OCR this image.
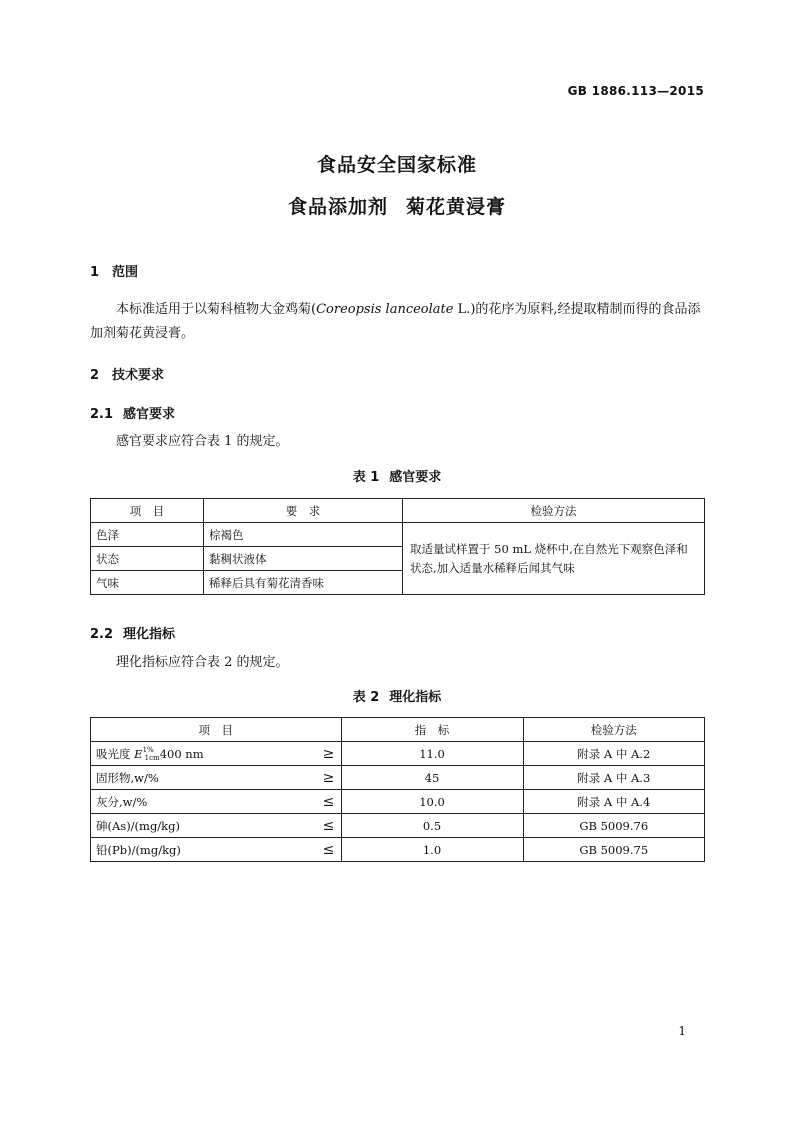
GB 1886.113—2015
食品安全国家标准
食品添加剂 菊花黄浸膏
1 范围
本标准适用于以菊科植物大金鸡菊(Coreopsis lanceolate L.)的花序为原料,经提取精制而得的食品添加剂菊花黄浸膏。
2 技术要求
2.1 感官要求
感官要求应符合表 1 的规定。
表 1 感官要求
项　目	要　求	检验方法
色泽	棕褐色	取适量试样置于 50 mL 烧杯中,在自然光下观察色泽和状态,加入适量水稀释后闻其气味
状态	黏稠状液体	
气味	稀释后具有菊花清香味	
2.2 理化指标
理化指标应符合表 2 的规定。
表 2 理化指标
项　目		指　标	检验方法
吸光度 $E^{1\%}_{1cm}400$ nm	≥	11.0	附录 A 中 A.2
固形物,w/%	≥	45	附录 A 中 A.3
灰分,w/%	≤	10.0	附录 A 中 A.4
砷(As)/(mg/kg)	≤	0.5	GB 5009.76
铅(Pb)/(mg/kg)	≤	1.0	GB 5009.75
1
